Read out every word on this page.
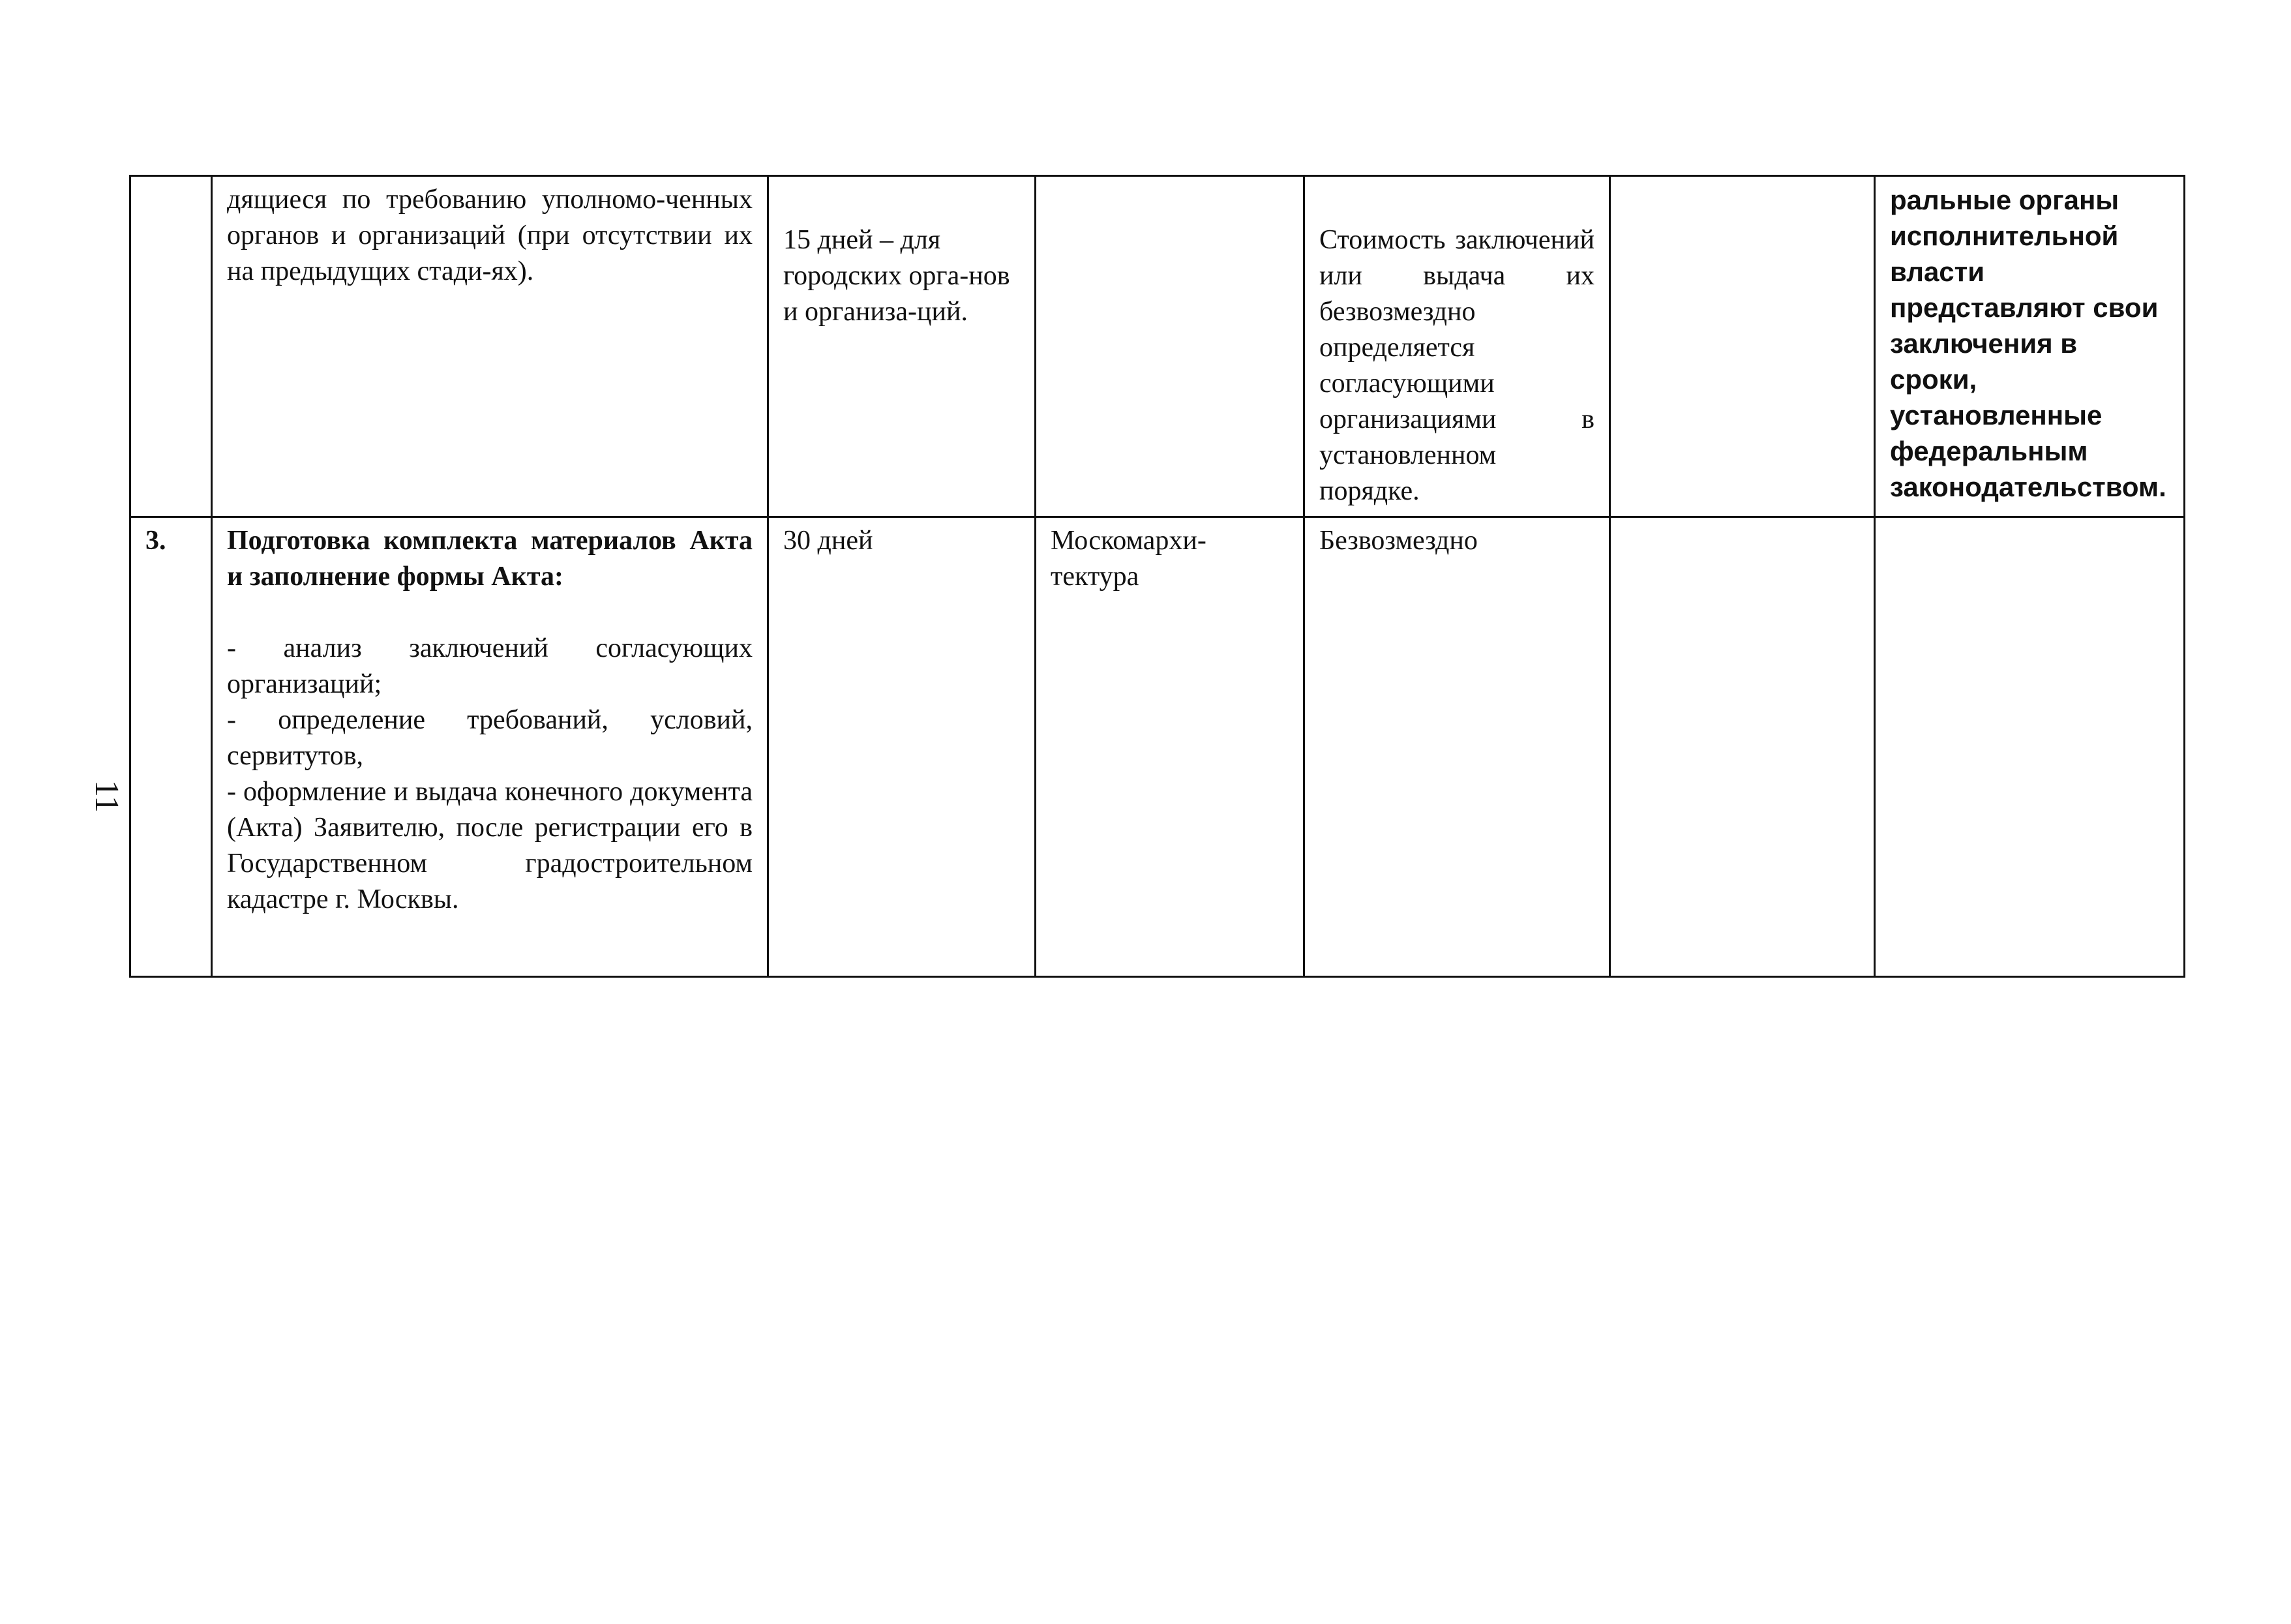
11

	дящиеся по требованию уполномо-ченных органов и организаций (при отсутствии их на предыдущих стади-ях).	15 дней – для городских орга-нов и организа-ций.		Стоимость заключений или выдача их безвозмездно определяется согласующими организациями в установленном порядке.		ральные органы исполнительной власти представляют свои заключения в сроки, установленные федеральным законодательством.

3.	Подготовка комплекта материалов Акта и заполнение формы Акта:

- анализ заключений согласующих организаций;

- определение требований, условий, сервитутов,

- оформление и выдача конечного документа (Акта) Заявителю, после регистрации его в Государственном градостроительном кадастре г. Москвы.	30 дней	Москомархи-тектура	Безвозмездно		
